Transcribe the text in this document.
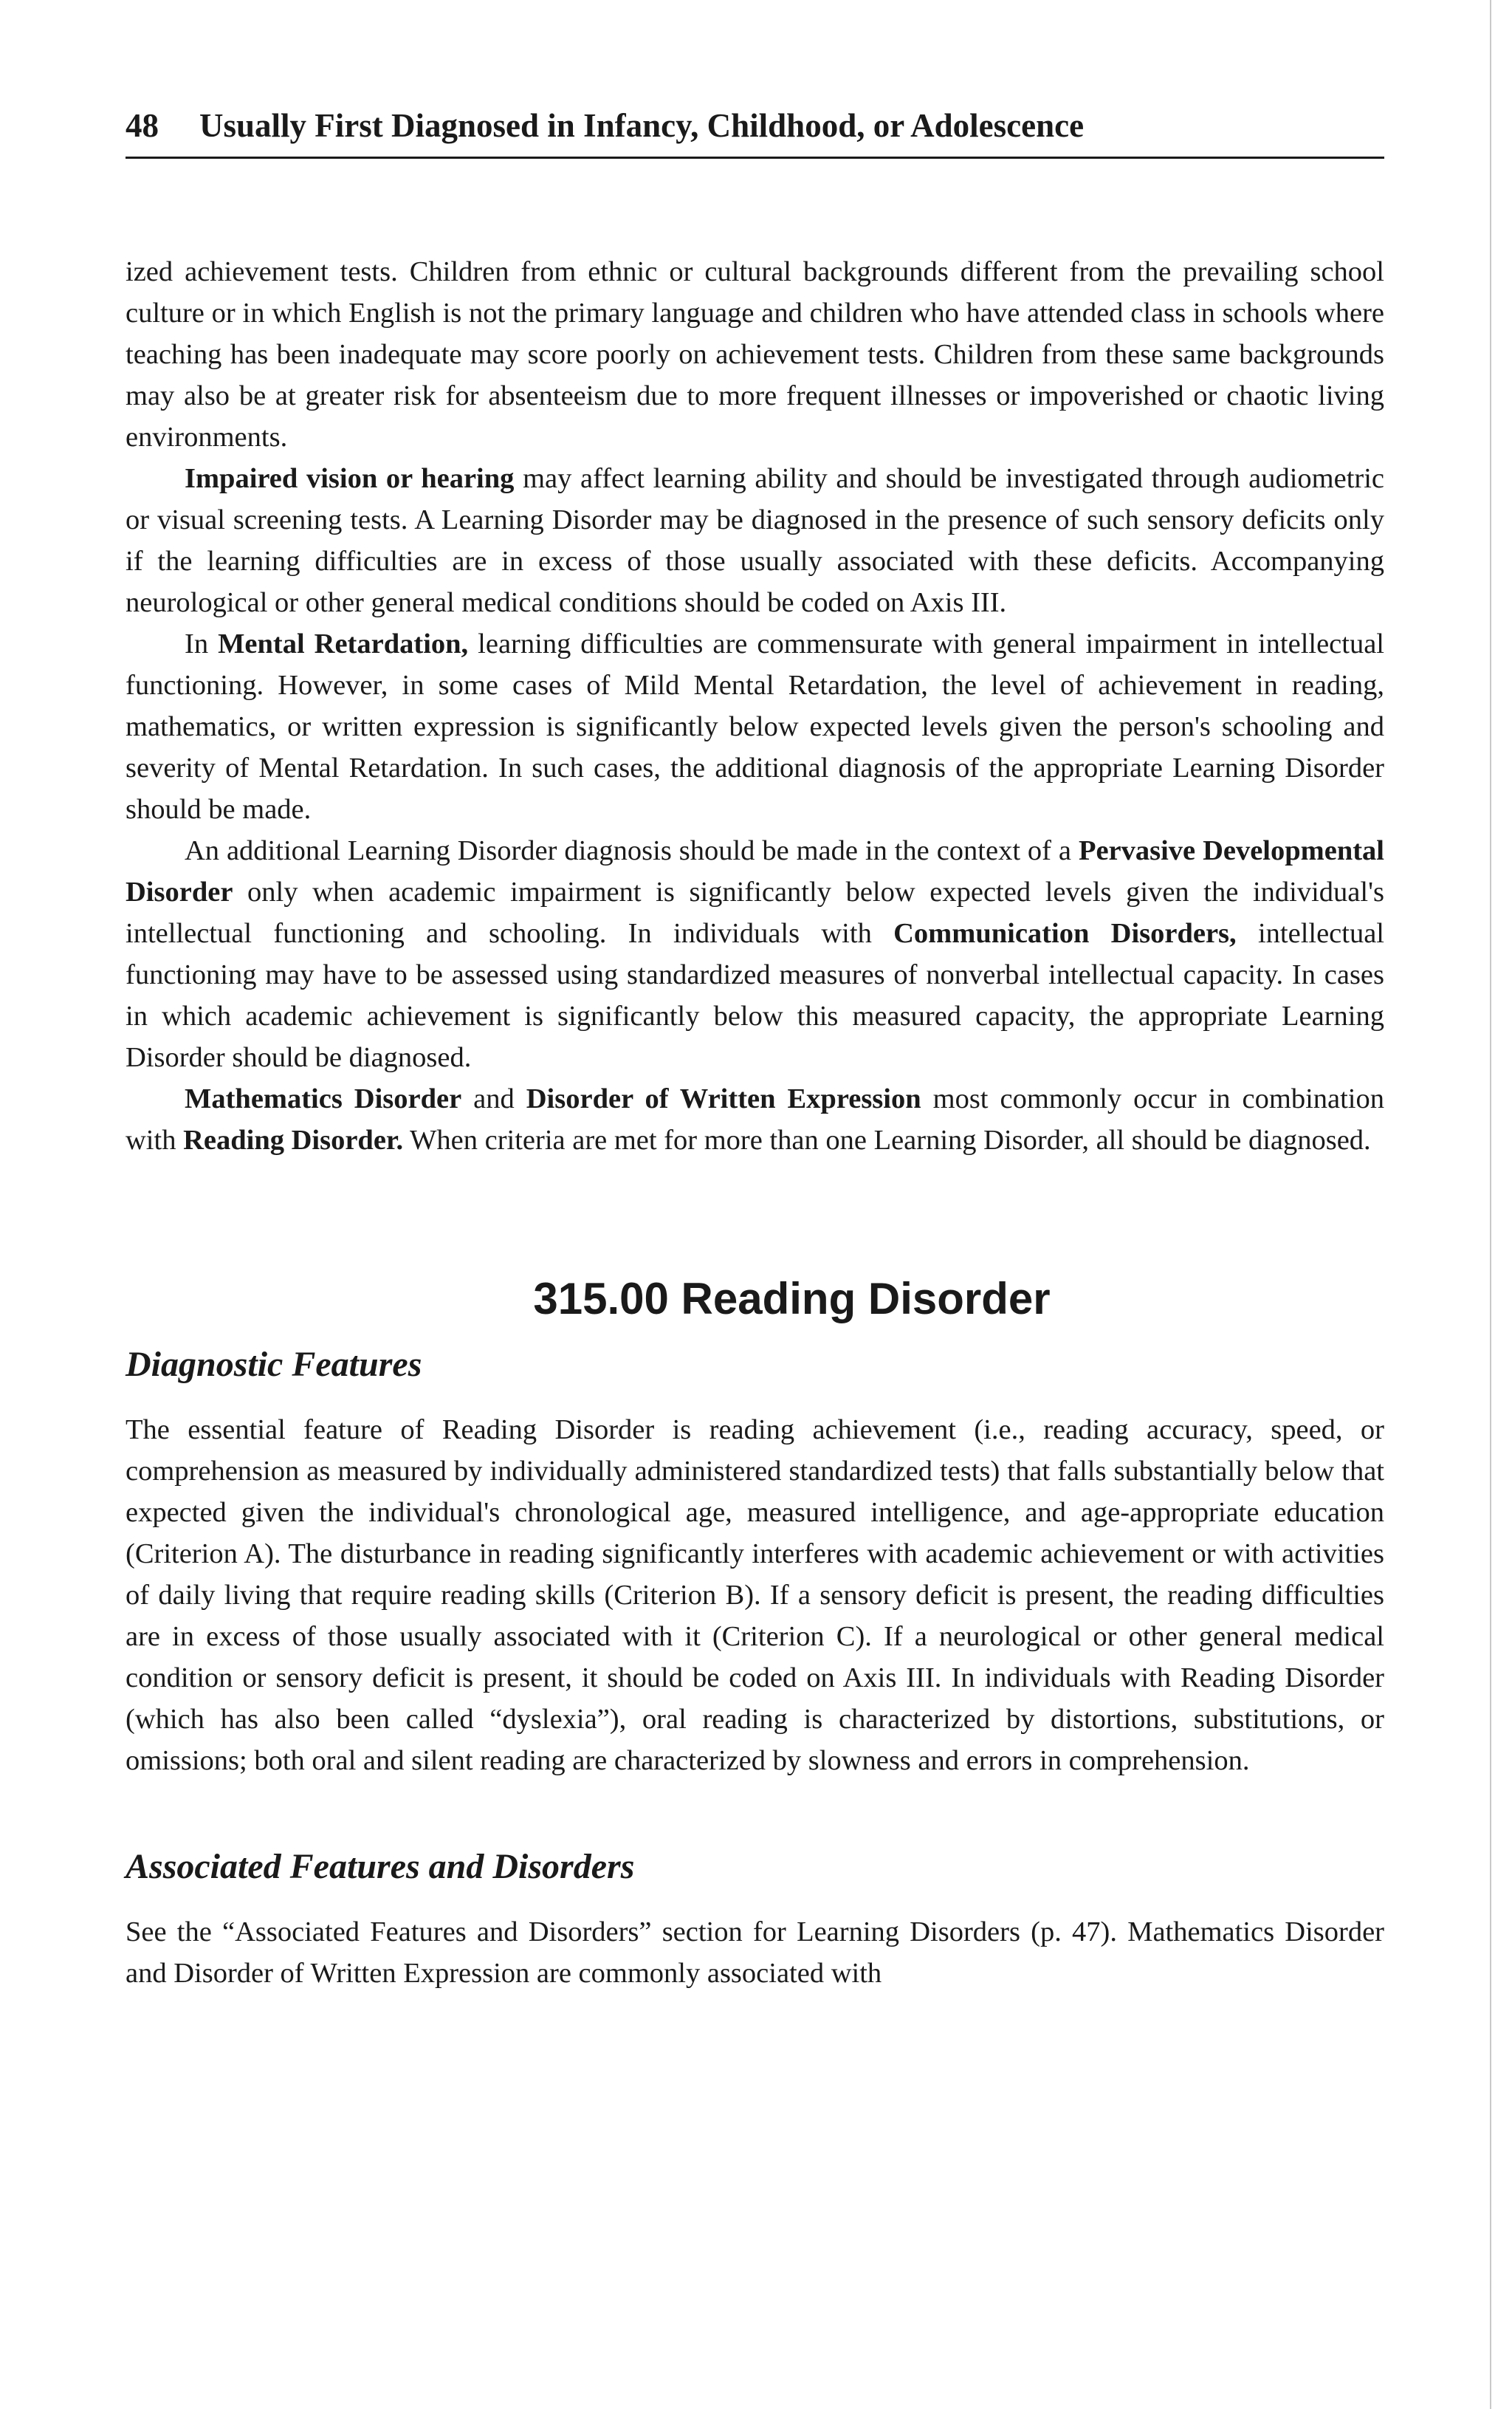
48 Usually First Diagnosed in Infancy, Childhood, or Adolescence

ized achievement tests. Children from ethnic or cultural backgrounds different from the prevailing school culture or in which English is not the primary language and children who have attended class in schools where teaching has been inadequate may score poorly on achievement tests. Children from these same backgrounds may also be at greater risk for absenteeism due to more frequent illnesses or impoverished or chaotic living environments.

Impaired vision or hearing may affect learning ability and should be investigated through audiometric or visual screening tests. A Learning Disorder may be diagnosed in the presence of such sensory deficits only if the learning difficulties are in excess of those usually associated with these deficits. Accompanying neurological or other general medical conditions should be coded on Axis III.

In Mental Retardation, learning difficulties are commensurate with general impairment in intellectual functioning. However, in some cases of Mild Mental Retardation, the level of achievement in reading, mathematics, or written expression is significantly below expected levels given the person's schooling and severity of Mental Retardation. In such cases, the additional diagnosis of the appropriate Learning Disorder should be made.

An additional Learning Disorder diagnosis should be made in the context of a Pervasive Developmental Disorder only when academic impairment is significantly below expected levels given the individual's intellectual functioning and schooling. In individuals with Communication Disorders, intellectual functioning may have to be assessed using standardized measures of nonverbal intellectual capacity. In cases in which academic achievement is significantly below this measured capacity, the appropriate Learning Disorder should be diagnosed.

Mathematics Disorder and Disorder of Written Expression most commonly occur in combination with Reading Disorder. When criteria are met for more than one Learning Disorder, all should be diagnosed.

315.00 Reading Disorder
Diagnostic Features

The essential feature of Reading Disorder is reading achievement (i.e., reading accuracy, speed, or comprehension as measured by individually administered standardized tests) that falls substantially below that expected given the individual's chronological age, measured intelligence, and age-appropriate education (Criterion A). The disturbance in reading significantly interferes with academic achievement or with activities of daily living that require reading skills (Criterion B). If a sensory deficit is present, the reading difficulties are in excess of those usually associated with it (Criterion C). If a neurological or other general medical condition or sensory deficit is present, it should be coded on Axis III. In individuals with Reading Disorder (which has also been called “dyslexia”), oral reading is characterized by distortions, substitutions, or omissions; both oral and silent reading are characterized by slowness and errors in comprehension.

Associated Features and Disorders

See the “Associated Features and Disorders” section for Learning Disorders (p. 47). Mathematics Disorder and Disorder of Written Expression are commonly associated with
